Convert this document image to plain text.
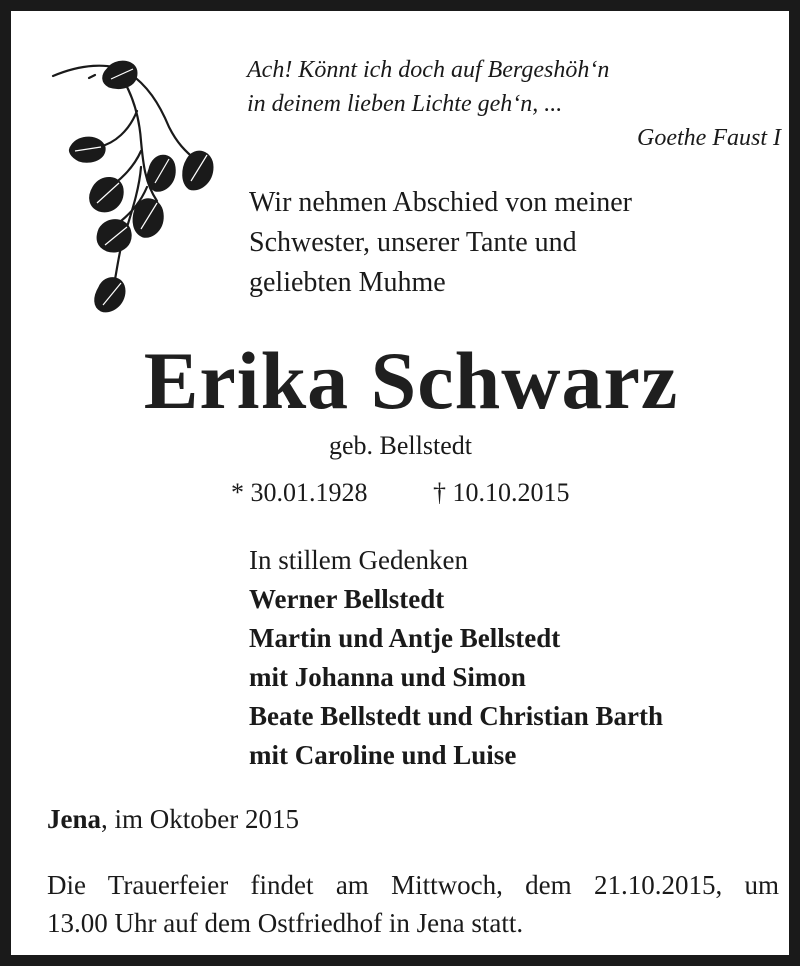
Ach! Könnt ich doch auf Bergeshöh‘n
in deinem lieben Lichte geh‘n, ...
Goethe Faust I
Wir nehmen Abschied von meiner
Schwester, unserer Tante und
geliebten Muhme
Erika Schwarz
geb. Bellstedt
* 30.01.1928	† 10.10.2015
In stillem Gedenken
Werner Bellstedt
Martin und Antje Bellstedt
mit Johanna und Simon
Beate Bellstedt und Christian Barth
mit Caroline und Luise
Jena, im Oktober 2015
Die Trauerfeier findet am Mittwoch, dem 21.10.2015, um
13.00 Uhr auf dem Ostfriedhof in Jena statt.
